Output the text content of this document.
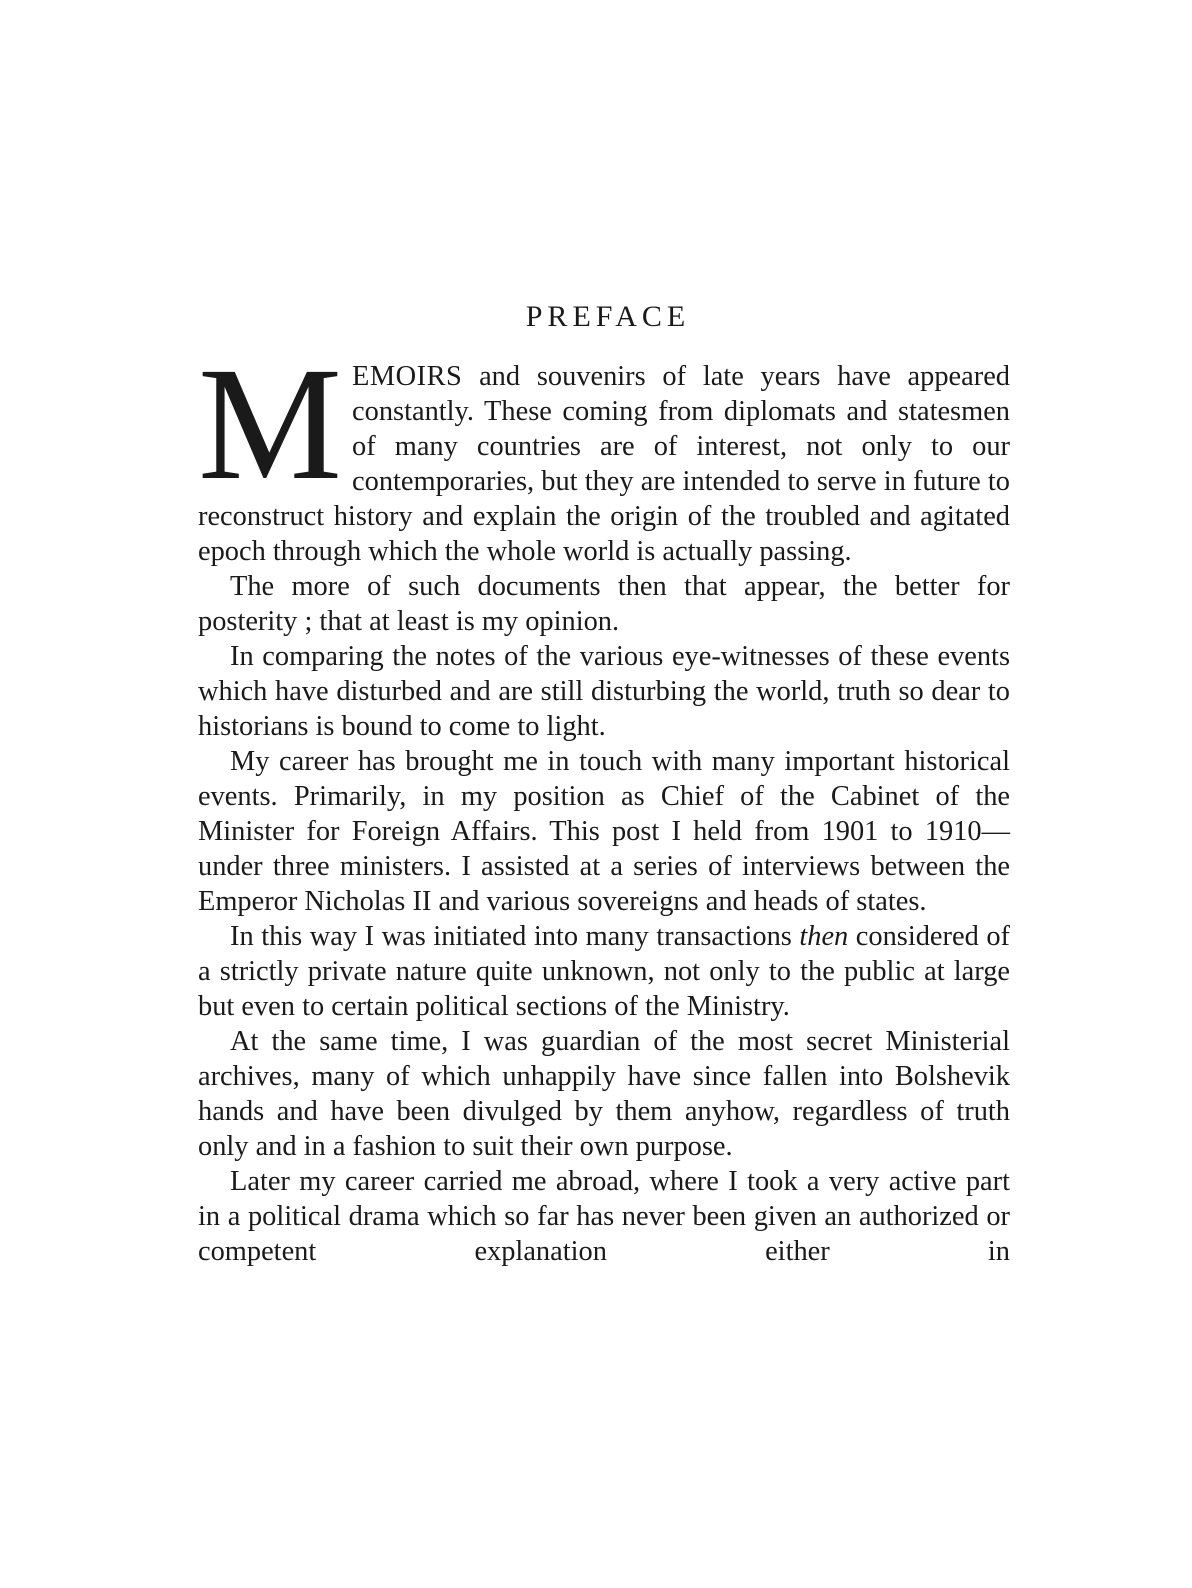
PREFACE

MEMOIRS and souvenirs of late years have appeared constantly. These coming from diplomats and statesmen of many countries are of interest, not only to our contemporaries, but they are intended to serve in future to reconstruct history and explain the origin of the troubled and agitated epoch through which the whole world is actually passing.

The more of such documents then that appear, the better for posterity ; that at least is my opinion.

In comparing the notes of the various eye-witnesses of these events which have disturbed and are still disturbing the world, truth so dear to historians is bound to come to light.

My career has brought me in touch with many important historical events. Primarily, in my position as Chief of the Cabinet of the Minister for Foreign Affairs. This post I held from 1901 to 1910—under three ministers. I assisted at a series of interviews between the Emperor Nicholas II and various sovereigns and heads of states.

In this way I was initiated into many transactions then considered of a strictly private nature quite unknown, not only to the public at large but even to certain political sections of the Ministry.

At the same time, I was guardian of the most secret Ministerial archives, many of which unhappily have since fallen into Bolshevik hands and have been divulged by them anyhow, regardless of truth only and in a fashion to suit their own purpose.

Later my career carried me abroad, where I took a very active part in a political drama which so far has never been given an authorized or competent explanation either in
